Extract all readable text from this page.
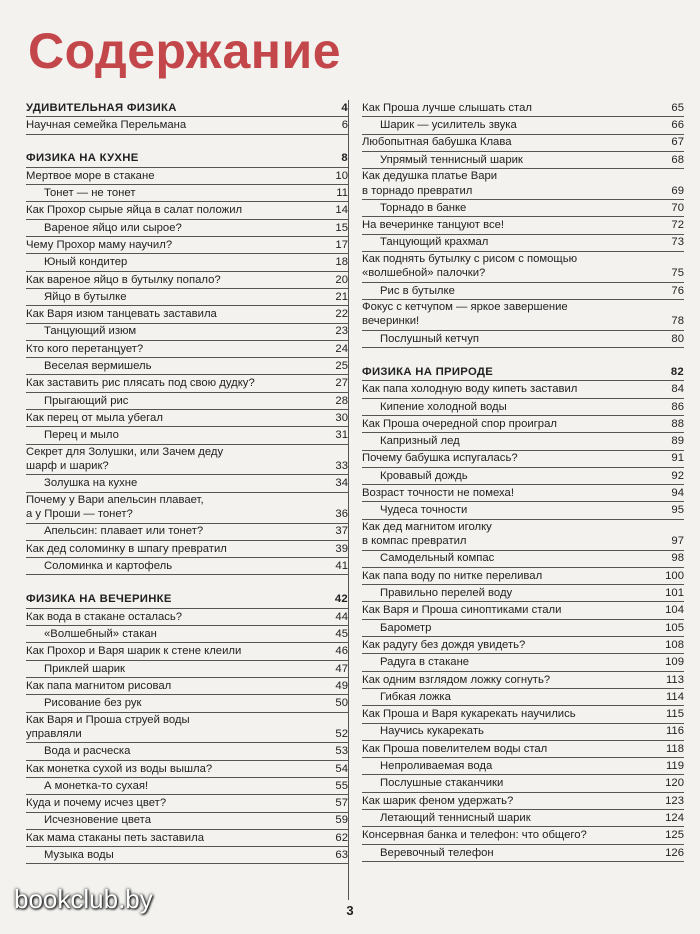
Содержание
УДИВИТЕЛЬНАЯ ФИЗИКА	4
Научная семейка Перельмана	6
ФИЗИКА НА КУХНЕ	8
Мертвое море в стакане	10
Тонет — не тонет	11
Как Прохор сырые яйца в салат положил	14
Вареное яйцо или сырое?	15
Чему Прохор маму научил?	17
Юный кондитер	18
Как вареное яйцо в бутылку попало?	20
Яйцо в бутылке	21
Как Варя изюм танцевать заставила	22
Танцующий изюм	23
Кто кого перетанцует?	24
Веселая вермишель	25
Как заставить рис плясать под свою дудку?	27
Прыгающий рис	28
Как перец от мыла убегал	30
Перец и мыло	31
Секрет для Золушки, или Зачем деду
шарф и шарик?	33
Золушка на кухне	34
Почему у Вари апельсин плавает,
а у Проши — тонет?	36
Апельсин: плавает или тонет?	37
Как дед соломинку в шпагу превратил	39
Соломинка и картофель	41
ФИЗИКА НА ВЕЧЕРИНКЕ	42
Как вода в стакане осталась?	44
«Волшебный» стакан	45
Как Прохор и Варя шарик к стене клеили	46
Приклей шарик	47
Как папа магнитом рисовал	49
Рисование без рук	50
Как Варя и Проша струей воды
управляли	52
Вода и расческа	53
Как монетка сухой из воды вышла?	54
А монетка-то сухая!	55
Куда и почему исчез цвет?	57
Исчезновение цвета	59
Как мама стаканы петь заставила	62
Музыка воды	63
Как Проша лучше слышать стал	65
Шарик — усилитель звука	66
Любопытная бабушка Клава	67
Упрямый теннисный шарик	68
Как дедушка платье Вари
в торнадо превратил	69
Торнадо в банке	70
На вечеринке танцуют все!	72
Танцующий крахмал	73
Как поднять бутылку с рисом с помощью
«волшебной» палочки?	75
Рис в бутылке	76
Фокус с кетчупом — яркое завершение
вечеринки!	78
Послушный кетчуп	80
ФИЗИКА НА ПРИРОДЕ	82
Как папа холодную воду кипеть заставил	84
Кипение холодной воды	86
Как Проша очередной спор проиграл	88
Капризный лед	89
Почему бабушка испугалась?	91
Кровавый дождь	92
Возраст точности не помеха!	94
Чудеса точности	95
Как дед магнитом иголку
в компас превратил	97
Самодельный компас	98
Как папа воду по нитке переливал	100
Правильно перелей воду	101
Как Варя и Проша синоптиками стали	104
Барометр	105
Как радугу без дождя увидеть?	108
Радуга в стакане	109
Как одним взглядом ложку согнуть?	113
Гибкая ложка	114
Как Проша и Варя кукарекать научились	115
Научись кукарекать	116
Как Проша повелителем воды стал	118
Непроливаемая вода	119
Послушные стаканчики	120
Как шарик феном удержать?	123
Летающий теннисный шарик	124
Консервная банка и телефон: что общего?	125
Веревочный телефон	126
3
bookclub.by
